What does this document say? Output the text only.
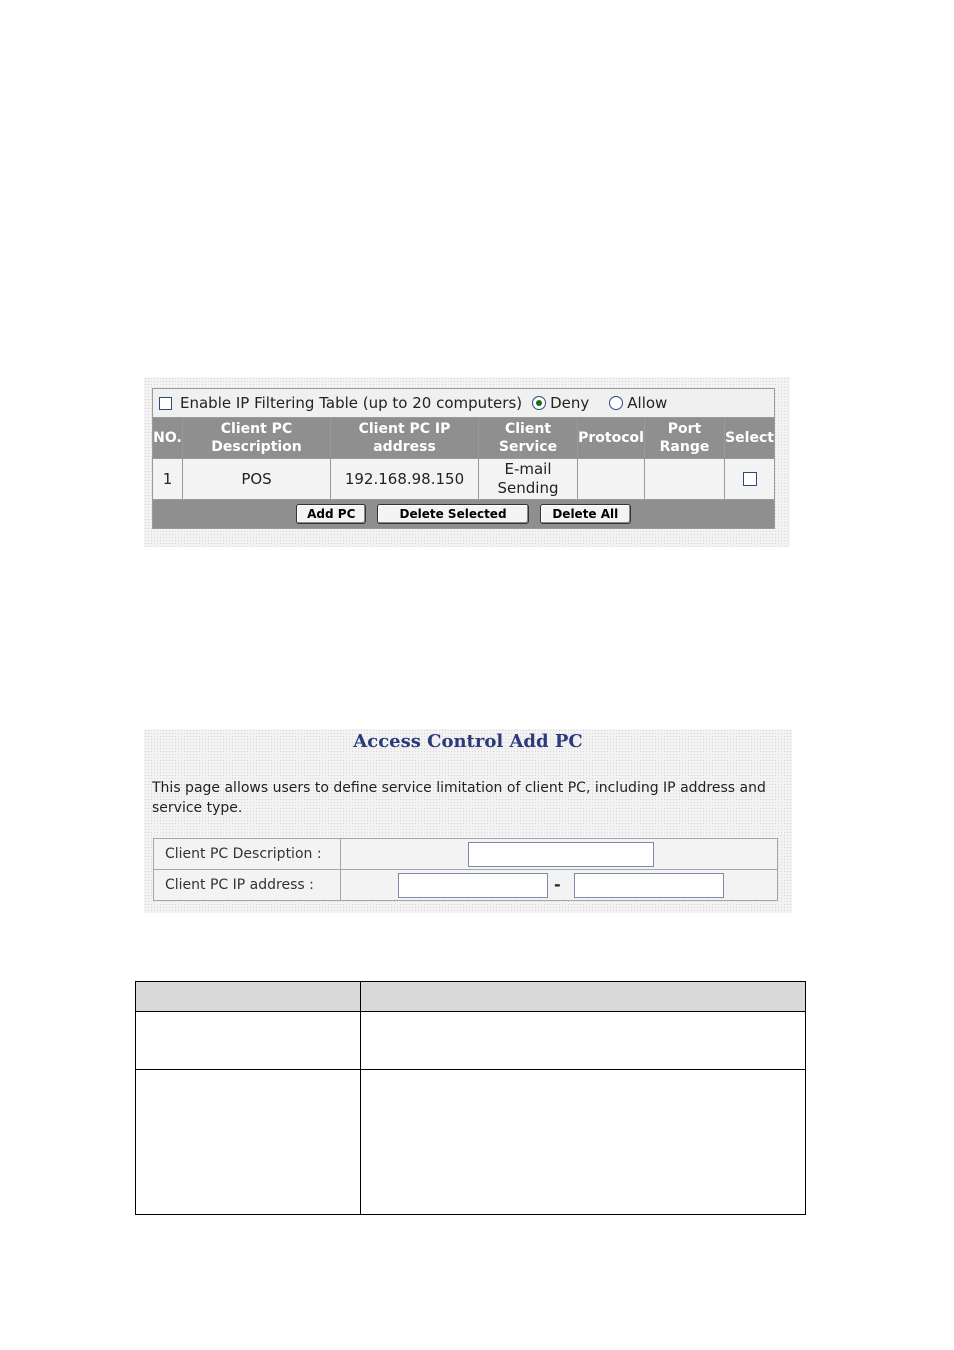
Enable IP Filtering Table (up to 20 computers) Deny Allow						

NO.	Client PC Description	Client PC IP address	Client Service	Protocol	Port Range	Select
1	POS	192.168.98.150	E-mail Sending			
Add PC Delete Selected Delete All						
Access Control Add PC
This page allows users to define service limitation of client PC, including IP address and service type.
Client PC Description :	
Client PC IP address :		-
